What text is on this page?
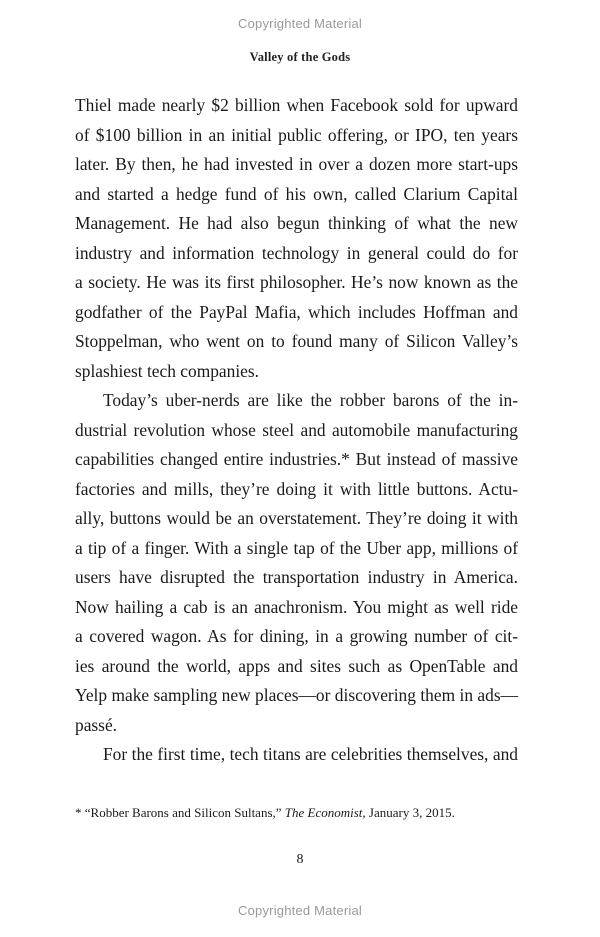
Copyrighted Material
Valley of the Gods
Thiel made nearly $2 billion when Facebook sold for upward
of $100 billion in an initial public offering, or IPO, ten years
later. By then, he had invested in over a dozen more start-ups
and started a hedge fund of his own, called Clarium Capital
Management. He had also begun thinking of what the new
industry and information technology in general could do for
a society. He was its first philosopher. He’s now known as the
godfather of the PayPal Mafia, which includes Hoffman and
Stoppelman, who went on to found many of Silicon Valley’s
splashiest tech companies.
Today’s uber-nerds are like the robber barons of the in-
dustrial revolution whose steel and automobile manufacturing
capabilities changed entire industries.* But instead of massive
factories and mills, they’re doing it with little buttons. Actu-
ally, buttons would be an overstatement. They’re doing it with
a tip of a finger. With a single tap of the Uber app, millions of
users have disrupted the transportation industry in America.
Now hailing a cab is an anachronism. You might as well ride
a covered wagon. As for dining, in a growing number of cit-
ies around the world, apps and sites such as OpenTable and
Yelp make sampling new places—or discovering them in ads—
passé.
For the first time, tech titans are celebrities themselves, and
* “Robber Barons and Silicon Sultans,” The Economist, January 3, 2015.
8
Copyrighted Material
